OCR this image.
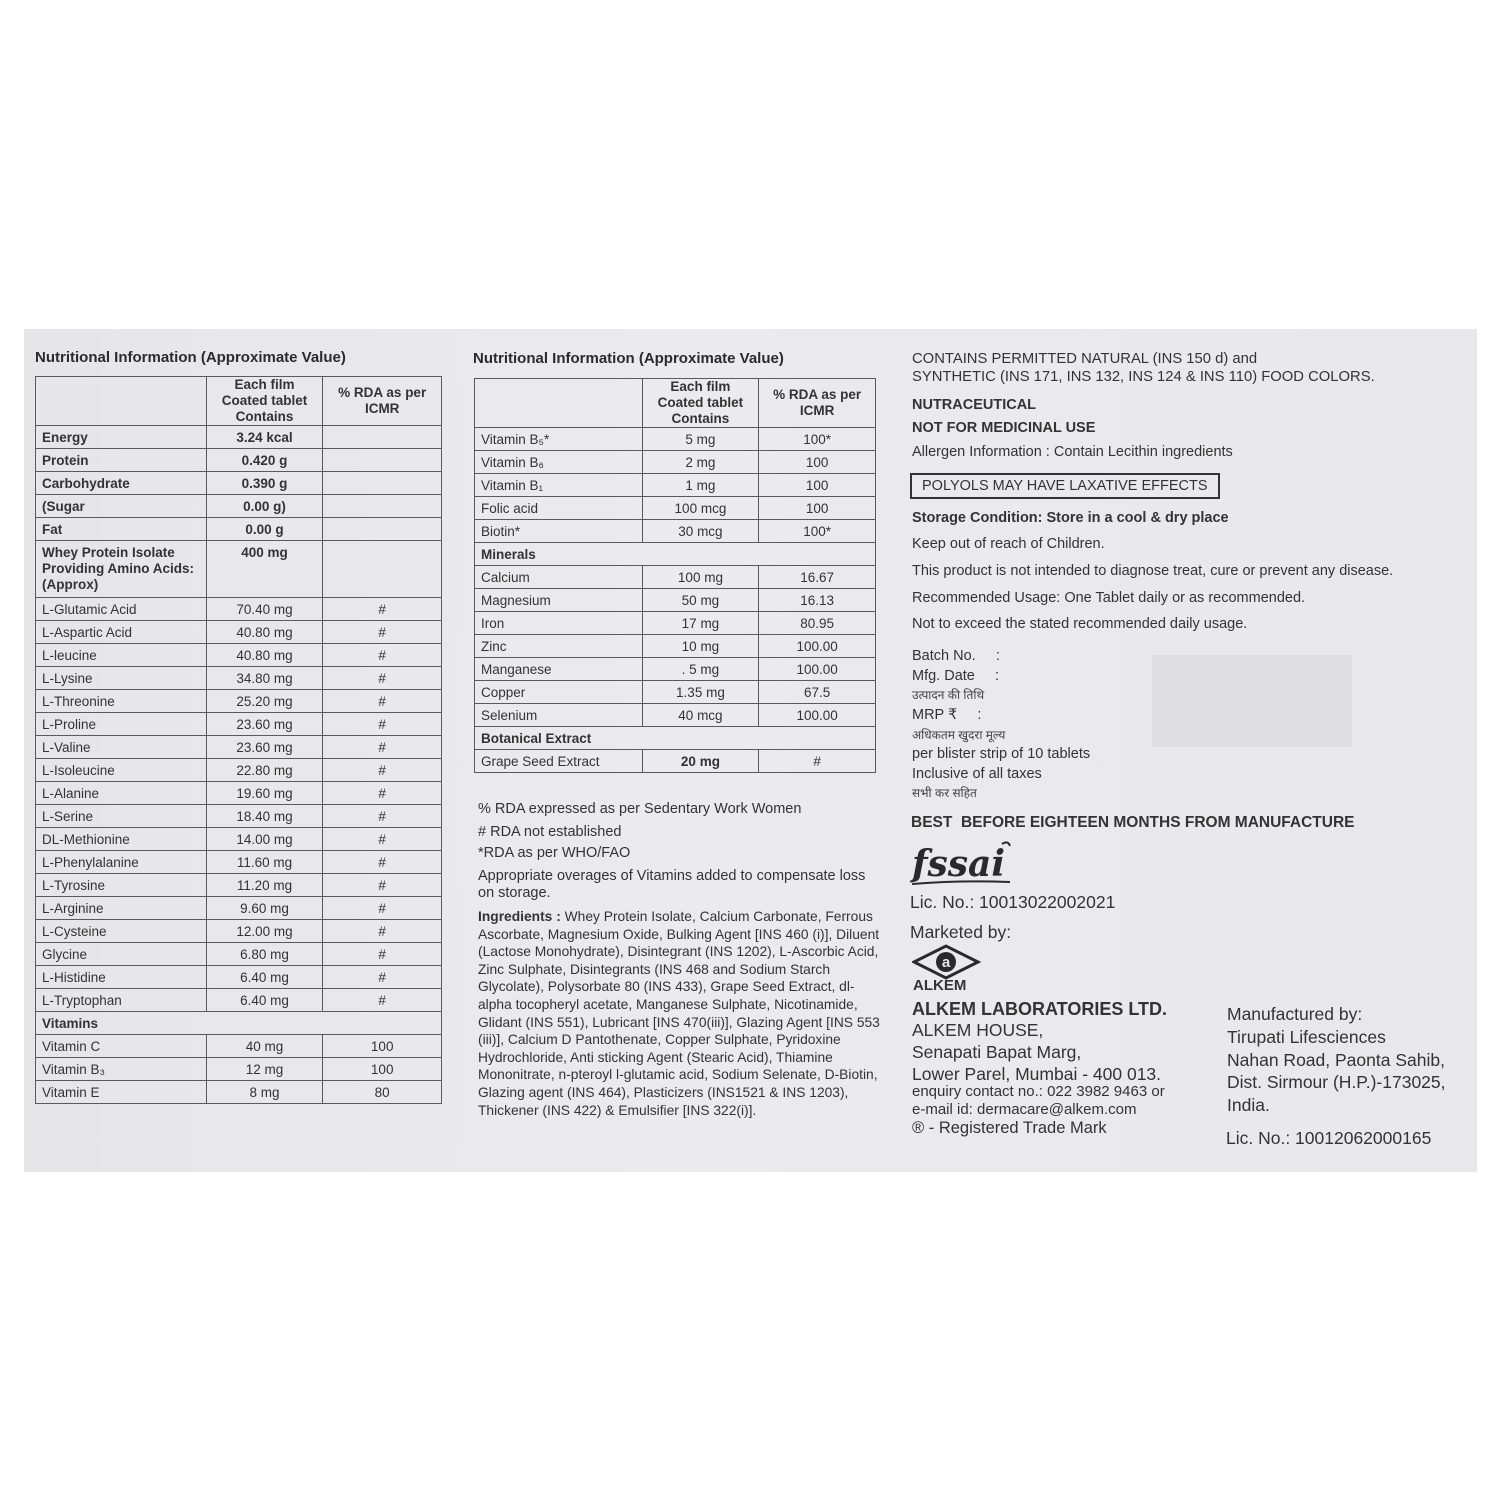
Nutritional Information (Approximate Value)
	Each film Coated tablet Contains	% RDA as per ICMR
Energy	3.24 kcal	
Protein	0.420 g	
Carbohydrate	0.390 g	
(Sugar	0.00 g)	
Fat	0.00 g	
Whey Protein Isolate Providing Amino Acids: (Approx)	400 mg	
L-Glutamic Acid	70.40 mg	#
L-Aspartic Acid	40.80 mg	#
L-leucine	40.80 mg	#
L-Lysine	34.80 mg	#
L-Threonine	25.20 mg	#
L-Proline	23.60 mg	#
L-Valine	23.60 mg	#
L-Isoleucine	22.80 mg	#
L-Alanine	19.60 mg	#
L-Serine	18.40 mg	#
DL-Methionine	14.00 mg	#
L-Phenylalanine	11.60 mg	#
L-Tyrosine	11.20 mg	#
L-Arginine	9.60 mg	#
L-Cysteine	12.00 mg	#
Glycine	6.80 mg	#
L-Histidine	6.40 mg	#
L-Tryptophan	6.40 mg	#
Vitamins		
Vitamin C	40 mg	100
Vitamin B₃	12 mg	100
Vitamin E	8 mg	80
Nutritional Information (Approximate Value)
	Each film Coated tablet Contains	% RDA as per ICMR
Vitamin B₅*	5 mg	100*
Vitamin B₆	2 mg	100
Vitamin B₁	1 mg	100
Folic acid	100 mcg	100
Biotin*	30 mcg	100*
Minerals		
Calcium	100 mg	16.67
Magnesium	50 mg	16.13
Iron	17 mg	80.95
Zinc	10 mg	100.00
Manganese	. 5 mg	100.00
Copper	1.35 mg	67.5
Selenium	40 mcg	100.00
Botanical Extract		
Grape Seed Extract	20 mg	#
% RDA expressed as per Sedentary Work Women
# RDA not established
*RDA as per WHO/FAO
Appropriate overages of Vitamins added to compensate loss on storage.
Ingredients : Whey Protein Isolate, Calcium Carbonate, Ferrous Ascorbate, Magnesium Oxide, Bulking Agent [INS 460 (i)], Diluent (Lactose Monohydrate), Disintegrant (INS 1202), L-Ascorbic Acid, Zinc Sulphate, Disintegrants (INS 468 and Sodium Starch Glycolate), Polysorbate 80 (INS 433), Grape Seed Extract, dl- alpha tocopheryl acetate, Manganese Sulphate, Nicotinamide, Glidant (INS 551), Lubricant [INS 470(iii)], Glazing Agent [INS 553 (iii)], Calcium D Pantothenate, Copper Sulphate, Pyridoxine Hydrochloride, Anti sticking Agent (Stearic Acid), Thiamine Mononitrate, n-pteroyl l-glutamic acid, Sodium Selenate, D-Biotin, Glazing agent (INS 464), Plasticizers (INS1521 & INS 1203), Thickener (INS 422) & Emulsifier [INS 322(i)].
CONTAINS PERMITTED NATURAL (INS 150 d) and
SYNTHETIC (INS 171, INS 132, INS 124 & INS 110) FOOD COLORS.
NUTRACEUTICAL
NOT FOR MEDICINAL USE
Allergen Information : Contain Lecithin ingredients
POLYOLS MAY HAVE LAXATIVE EFFECTS
Storage Condition: Store in a cool & dry place
Keep out of reach of Children.
This product is not intended to diagnose treat, cure or prevent any disease.
Recommended Usage: One Tablet daily or as recommended.
Not to exceed the stated recommended daily usage.
Batch No.     :
Mfg. Date     :
उत्पादन की तिथि
MRP ₹     :
अधिकतम खुदरा मूल्य
per blister strip of 10 tablets
Inclusive of all taxes
सभी कर सहित
BEST  BEFORE EIGHTEEN MONTHS FROM MANUFACTURE
fssai
Lic. No.: 10013022002021
Marketed by:
a
ALKEM
ALKEM LABORATORIES LTD.
ALKEM HOUSE,
Senapati Bapat Marg,
Lower Parel, Mumbai - 400 013.
enquiry contact no.: 022 3982 9463 or
e-mail id: dermacare@alkem.com
® - Registered Trade Mark
Manufactured by:
Tirupati Lifesciences
Nahan Road, Paonta Sahib,
Dist. Sirmour (H.P.)-173025,
India.
Lic. No.: 10012062000165
